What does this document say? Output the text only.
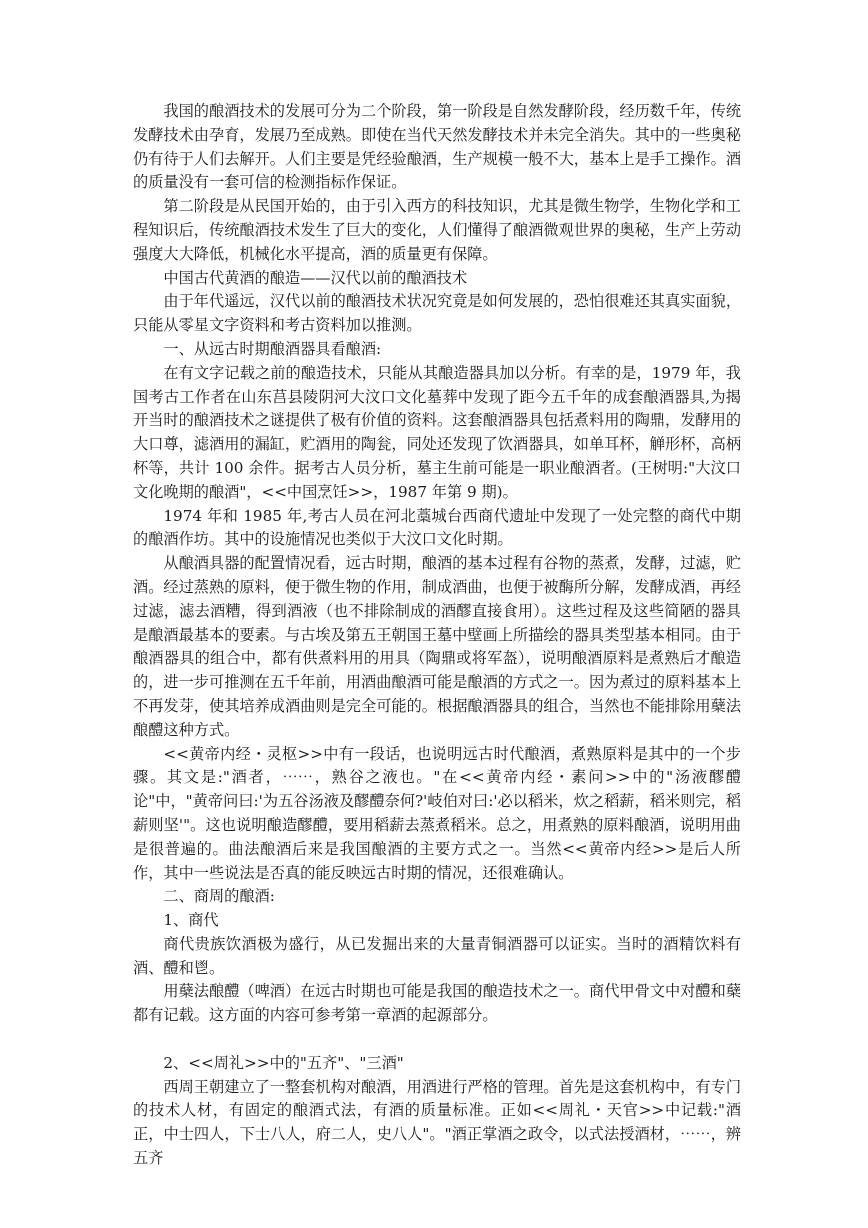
我国的酿酒技术的发展可分为二个阶段，第一阶段是自然发酵阶段，经历数千年，传统发酵技术由孕育，发展乃至成熟。即使在当代天然发酵技术并未完全消失。其中的一些奥秘仍有待于人们去解开。人们主要是凭经验酿酒，生产规模一般不大，基本上是手工操作。酒的质量没有一套可信的检测指标作保证。

第二阶段是从民国开始的，由于引入西方的科技知识，尤其是微生物学，生物化学和工程知识后，传统酿酒技术发生了巨大的变化，人们懂得了酿酒微观世界的奥秘，生产上劳动强度大大降低，机械化水平提高，酒的质量更有保障。

中国古代黄酒的酿造——汉代以前的酿酒技术

由于年代遥远，汉代以前的酿酒技术状况究竟是如何发展的，恐怕很难还其真实面貌，只能从零星文字资料和考古资料加以推测。

一、从远古时期酿酒器具看酿酒:

在有文字记载之前的酿造技术，只能从其酿造器具加以分析。有幸的是，1979 年，我国考古工作者在山东莒县陵阴河大汶口文化墓葬中发现了距今五千年的成套酿酒器具,为揭开当时的酿酒技术之谜提供了极有价值的资料。这套酿酒器具包括煮料用的陶鼎，发酵用的大口尊，滤酒用的漏缸，贮酒用的陶瓮，同处还发现了饮酒器具，如单耳杯，觯形杯，高柄杯等，共计 100 余件。据考古人员分析，墓主生前可能是一职业酿酒者。(王树明:"大汶口文化晚期的酿酒"，<<中国烹饪>>，1987 年第 9 期)。

1974 年和 1985 年,考古人员在河北藁城台西商代遗址中发现了一处完整的商代中期的酿酒作坊。其中的设施情况也类似于大汶口文化时期。

从酿酒具器的配置情况看，远古时期，酿酒的基本过程有谷物的蒸煮，发酵，过滤，贮酒。经过蒸熟的原料，便于微生物的作用，制成酒曲，也便于被酶所分解，发酵成酒，再经过滤，滤去酒糟，得到酒液（也不排除制成的酒醪直接食用）。这些过程及这些简陋的器具是酿酒最基本的要素。与古埃及第五王朝国王墓中壁画上所描绘的器具类型基本相同。由于酿酒器具的组合中，都有供煮料用的用具（陶鼎或将军盔），说明酿酒原料是煮熟后才酿造的，进一步可推测在五千年前，用酒曲酿酒可能是酿酒的方式之一。因为煮过的原料基本上不再发芽，使其培养成酒曲则是完全可能的。根据酿酒器具的组合，当然也不能排除用蘖法酿醴这种方式。

<<黄帝内经・灵枢>>中有一段话，也说明远古时代酿酒，煮熟原料是其中的一个步骤。其文是:"酒者，⋯⋯，熟谷之液也。"在<<黄帝内经・素问>>中的"汤液醪醴论"中，"黄帝问曰:'为五谷汤液及醪醴奈何?'岐伯对曰:'必以稻米，炊之稻薪，稻米则完，稻薪则坚'"。这也说明酿造醪醴，要用稻薪去蒸煮稻米。总之，用煮熟的原料酿酒，说明用曲是很普遍的。曲法酿酒后来是我国酿酒的主要方式之一。当然<<黄帝内经>>是后人所作，其中一些说法是否真的能反映远古时期的情况，还很难确认。

二、商周的酿酒:

1、商代

商代贵族饮酒极为盛行，从已发掘出来的大量青铜酒器可以证实。当时的酒精饮料有酒、醴和鬯。

用蘖法酿醴（啤酒）在远古时期也可能是我国的酿造技术之一。商代甲骨文中对醴和蘖都有记载。这方面的内容可参考第一章酒的起源部分。

2、<<周礼>>中的"五齐"、"三酒"

西周王朝建立了一整套机构对酿酒，用酒进行严格的管理。首先是这套机构中，有专门的技术人材，有固定的酿酒式法，有酒的质量标准。正如<<周礼・天官>>中记载:"酒正，中士四人，下士八人，府二人，史八人"。"酒正掌酒之政令，以式法授酒材，⋯⋯，辨五齐
